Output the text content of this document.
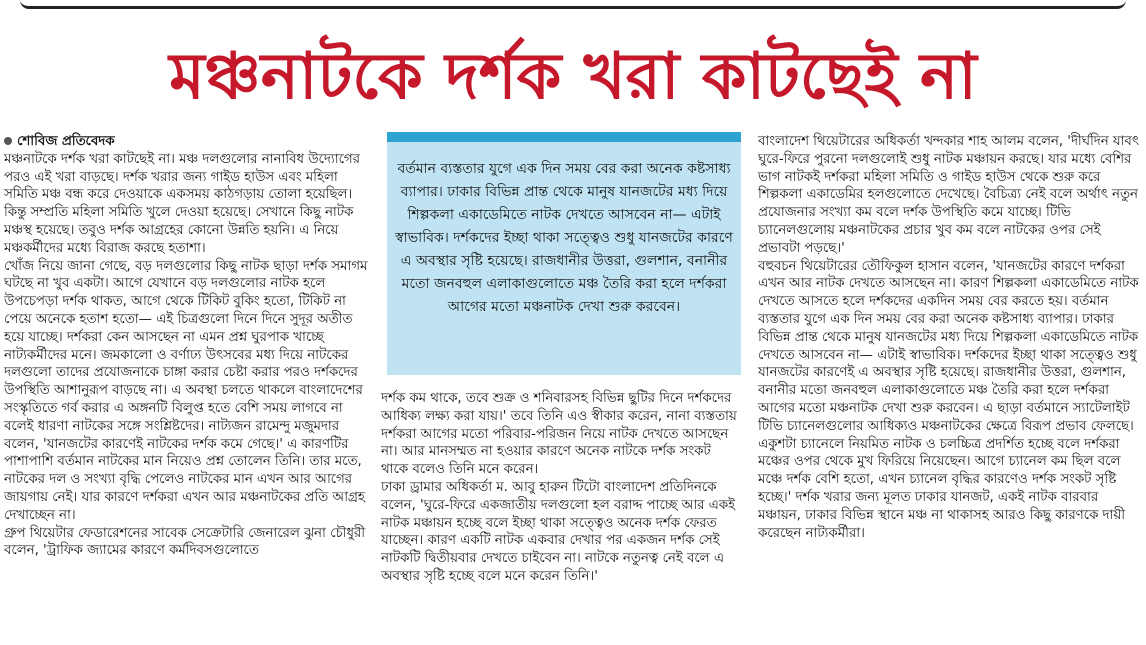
মঞ্চনাটকে দর্শক খরা কাটছেই না

শোবিজ প্রতিবেদক

মঞ্চনাটকে দর্শক খরা কাটছেই না। মঞ্চ দলগুলোর নানাবিধ উদ্যোগের পরও এই খরা বাড়ছে। দর্শক খরার জন্য গাইড হাউস এবং মহিলা সমিতি মঞ্চ বন্ধ করে দেওয়াকে একসময় কাঠগড়ায় তোলা হয়েছিল। কিন্তু সম্প্রতি মহিলা সমিতি খুলে দেওয়া হয়েছে। সেখানে কিছু নাটক মঞ্চস্থ হয়েছে। তবুও দর্শক আগ্রহের কোনো উন্নতি হয়নি। এ নিয়ে মঞ্চকর্মীদের মধ্যে বিরাজ করছে হতাশা।

খোঁজ নিয়ে জানা গেছে, বড় দলগুলোর কিছু নাটক ছাড়া দর্শক সমাগম ঘটছে না খুব একটা। আগে যেখানে বড় দলগুলোর নাটক হলে উপচেপড়া দর্শক থাকত, আগে থেকে টিকিট বুকিং হতো, টিকিট না পেয়ে অনেকে হতাশ হতো— এই চিত্রগুলো দিনে দিনে সুদূর অতীত হয়ে যাচ্ছে। দর্শকরা কেন আসছেন না এমন প্রশ্ন ঘুরপাক খাচ্ছে নাট্যকর্মীদের মনে। জমকালো ও বর্ণাঢ্য উৎসবের মধ্য দিয়ে নাটকের দলগুলো তাদের প্রযোজনাকে চাঙ্গা করার চেষ্টা করার পরও দর্শকদের উপস্থিতি আশানুরূপ বাড়ছে না। এ অবস্থা চলতে থাকলে বাংলাদেশের সংস্কৃতিতে গর্ব করার এ অঙ্গনটি বিলুপ্ত হতে বেশি সময় লাগবে না বলেই ধারণা নাটকের সঙ্গে সংশ্লিষ্টদের। নাট্যজন রামেন্দু মজুমদার বলেন, 'যানজটের কারণেই নাটকের দর্শক কমে গেছে।' এ কারণটির পাশাপাশি বর্তমান নাটকের মান নিয়েও প্রশ্ন তোলেন তিনি। তার মতে, নাটকের দল ও সংখ্যা বৃদ্ধি পেলেও নাটকের মান এখন আর আগের জায়গায় নেই। যার কারণে দর্শকরা এখন আর মঞ্চনাটকের প্রতি আগ্রহ দেখাচ্ছেন না।

গ্রুপ থিয়েটার ফেডারেশনের সাবেক সেক্রেটারি জেনারেল ঝুনা চৌধুরী বলেন, 'ট্রাফিক জ্যামের কারণে কর্মদিবসগুলোতে

বর্তমান ব্যস্ততার যুগে এক দিন সময় বের করা অনেক কষ্টসাধ্য ব্যাপার। ঢাকার বিভিন্ন প্রান্ত থেকে মানুষ যানজটের মধ্য দিয়ে শিল্পকলা একাডেমিতে নাটক দেখতে আসবেন না— এটাই স্বাভাবিক। দর্শকদের ইচ্ছা থাকা সত্ত্বেও শুধু যানজটের কারণে এ অবস্থার সৃষ্টি হয়েছে। রাজধানীর উত্তরা, গুলশান, বনানীর মতো জনবহুল এলাকাগুলোতে মঞ্চ তৈরি করা হলে দর্শকরা আগের মতো মঞ্চনাটক দেখা শুরু করবেন।

দর্শক কম থাকে, তবে শুক্র ও শনিবারসহ বিভিন্ন ছুটির দিনে দর্শকদের আধিক্য লক্ষ্য করা যায়।' তবে তিনি এও স্বীকার করেন, নানা ব্যস্ততায় দর্শকরা আগের মতো পরিবার-পরিজন নিয়ে নাটক দেখতে আসছেন না। আর মানসম্মত না হওয়ার কারণে অনেক নাটকে দর্শক সংকট থাকে বলেও তিনি মনে করেন।

ঢাকা ড্রামার অধিকর্তা ম. আবু হারুন টিটো বাংলাদেশ প্রতিদিনকে বলেন, 'ঘুরে-ফিরে একজাতীয় দলগুলো হল বরাদ্দ পাচ্ছে আর একই নাটক মঞ্চায়ন হচ্ছে বলে ইচ্ছা থাকা সত্ত্বেও অনেক দর্শক ফেরত যাচ্ছেন। কারণ একটি নাটক একবার দেখার পর একজন দর্শক সেই নাটকটি দ্বিতীয়বার দেখতে চাইবেন না। নাটকে নতুনত্ব নেই বলে এ অবস্থার সৃষ্টি হচ্ছে বলে মনে করেন তিনি।'

বাংলাদেশ থিয়েটারের অধিকর্তা খন্দকার শাহ আলম বলেন, 'দীর্ঘদিন যাবৎ ঘুরে-ফিরে পুরনো দলগুলোই শুধু নাটক মঞ্চায়ন করছে। যার মধ্যে বেশির ভাগ নাটকই দর্শকরা মহিলা সমিতি ও গাইড হাউস থেকে শুরু করে শিল্পকলা একাডেমির হলগুলোতে দেখেছে। বৈচিত্র্য নেই বলে অর্থাৎ নতুন প্রযোজনার সংখ্যা কম বলে দর্শক উপস্থিতি কমে যাচ্ছে। টিভি চ্যানেলগুলোয় মঞ্চনাটকের প্রচার খুব কম বলে নাটকের ওপর সেই প্রভাবটা পড়ছে।'

বহুবচন থিয়েটারের তৌফিকুল হাসান বলেন, 'যানজটের কারণে দর্শকরা এখন আর নাটক দেখতে আসছেন না। কারণ শিল্পকলা একাডেমিতে নাটক দেখতে আসতে হলে দর্শকদের একদিন সময় বের করতে হয়। বর্তমান ব্যস্ততার যুগে এক দিন সময় বের করা অনেক কষ্টসাধ্য ব্যাপার। ঢাকার বিভিন্ন প্রান্ত থেকে মানুষ যানজটের মধ্য দিয়ে শিল্পকলা একাডেমিতে নাটক দেখতে আসবেন না— এটাই স্বাভাবিক। দর্শকদের ইচ্ছা থাকা সত্ত্বেও শুধু যানজটের কারণেই এ অবস্থার সৃষ্টি হয়েছে। রাজধানীর উত্তরা, গুলশান, বনানীর মতো জনবহুল এলাকাগুলোতে মঞ্চ তৈরি করা হলে দর্শকরা আগের মতো মঞ্চনাটক দেখা শুরু করবেন। এ ছাড়া বর্তমানে স্যাটেলাইট টিভি চ্যানেলগুলোর আধিক্যও মঞ্চনাটকের ক্ষেত্রে বিরূপ প্রভাব ফেলছে। একুশটা চ্যানেলে নিয়মিত নাটক ও চলচ্চিত্র প্রদর্শিত হচ্ছে বলে দর্শকরা মঞ্চের ওপর থেকে মুখ ফিরিয়ে নিয়েছেন। আগে চ্যানেল কম ছিল বলে মঞ্চে দর্শক বেশি হতো, এখন চ্যানেল বৃদ্ধির কারণেও দর্শক সংকট সৃষ্টি হচ্ছে।' দর্শক খরার জন্য মূলত ঢাকার যানজট, একই নাটক বারবার মঞ্চায়ন, ঢাকার বিভিন্ন স্থানে মঞ্চ না থাকাসহ আরও কিছু কারণকে দায়ী করেছেন নাট্যকর্মীরা।
